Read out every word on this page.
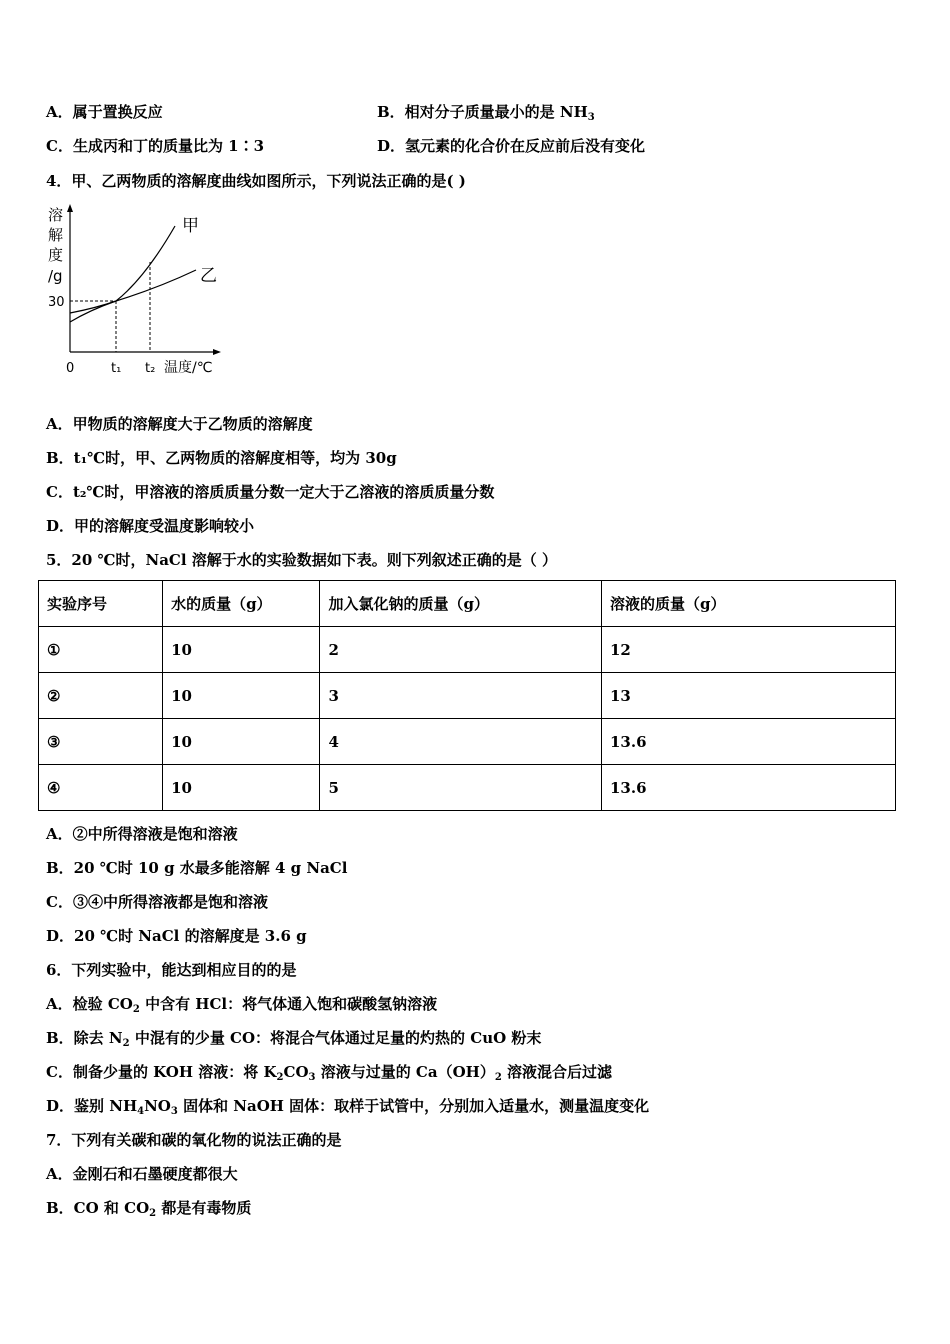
A．属于置换反应	B．相对分子质量最小的是 $NH_3$
C．生成丙和丁的质量比为 1∶3	D．氢元素的化合价在反应前后没有变化
4．甲、乙两物质的溶解度曲线如图所示，下列说法正确的是( )
溶
解
度
/g
30
甲
乙
0	t₁ t₂ 温度/℃
A．甲物质的溶解度大于乙物质的溶解度
B．t₁℃时，甲、乙两物质的溶解度相等，均为 30g
C．t₂℃时，甲溶液的溶质质量分数一定大于乙溶液的溶质质量分数
D．甲的溶解度受温度影响较小
5．20 ℃时，NaCl 溶解于水的实验数据如下表。则下列叙述正确的是（ ）
实验序号	水的质量（g）	加入氯化钠的质量（g）	溶液的质量（g）
①	10	2	12
②	10	3	13
③	10	4	13.6
④	10	5	13.6
A．②中所得溶液是饱和溶液
B．20 ℃时 10 g 水最多能溶解 4 g NaCl
C．③④中所得溶液都是饱和溶液
D．20 ℃时 NaCl 的溶解度是 3.6 g
6．下列实验中，能达到相应目的的是
A．检验 $CO_2$ 中含有 HCl：将气体通入饱和碳酸氢钠溶液
B．除去 $N_2$ 中混有的少量 CO：将混合气体通过足量的灼热的 CuO 粉末
C．制备少量的 KOH 溶液：将 $K_2CO_3$ 溶液与过量的 $Ca(OH)_2$ 溶液混合后过滤
D．鉴别 $NH_4NO_3$ 固体和 NaOH 固体：取样于试管中，分别加入适量水，测量温度变化
7．下列有关碳和碳的氧化物的说法正确的是
A．金刚石和石墨硬度都很大
B．CO 和 $CO_2$ 都是有毒物质
